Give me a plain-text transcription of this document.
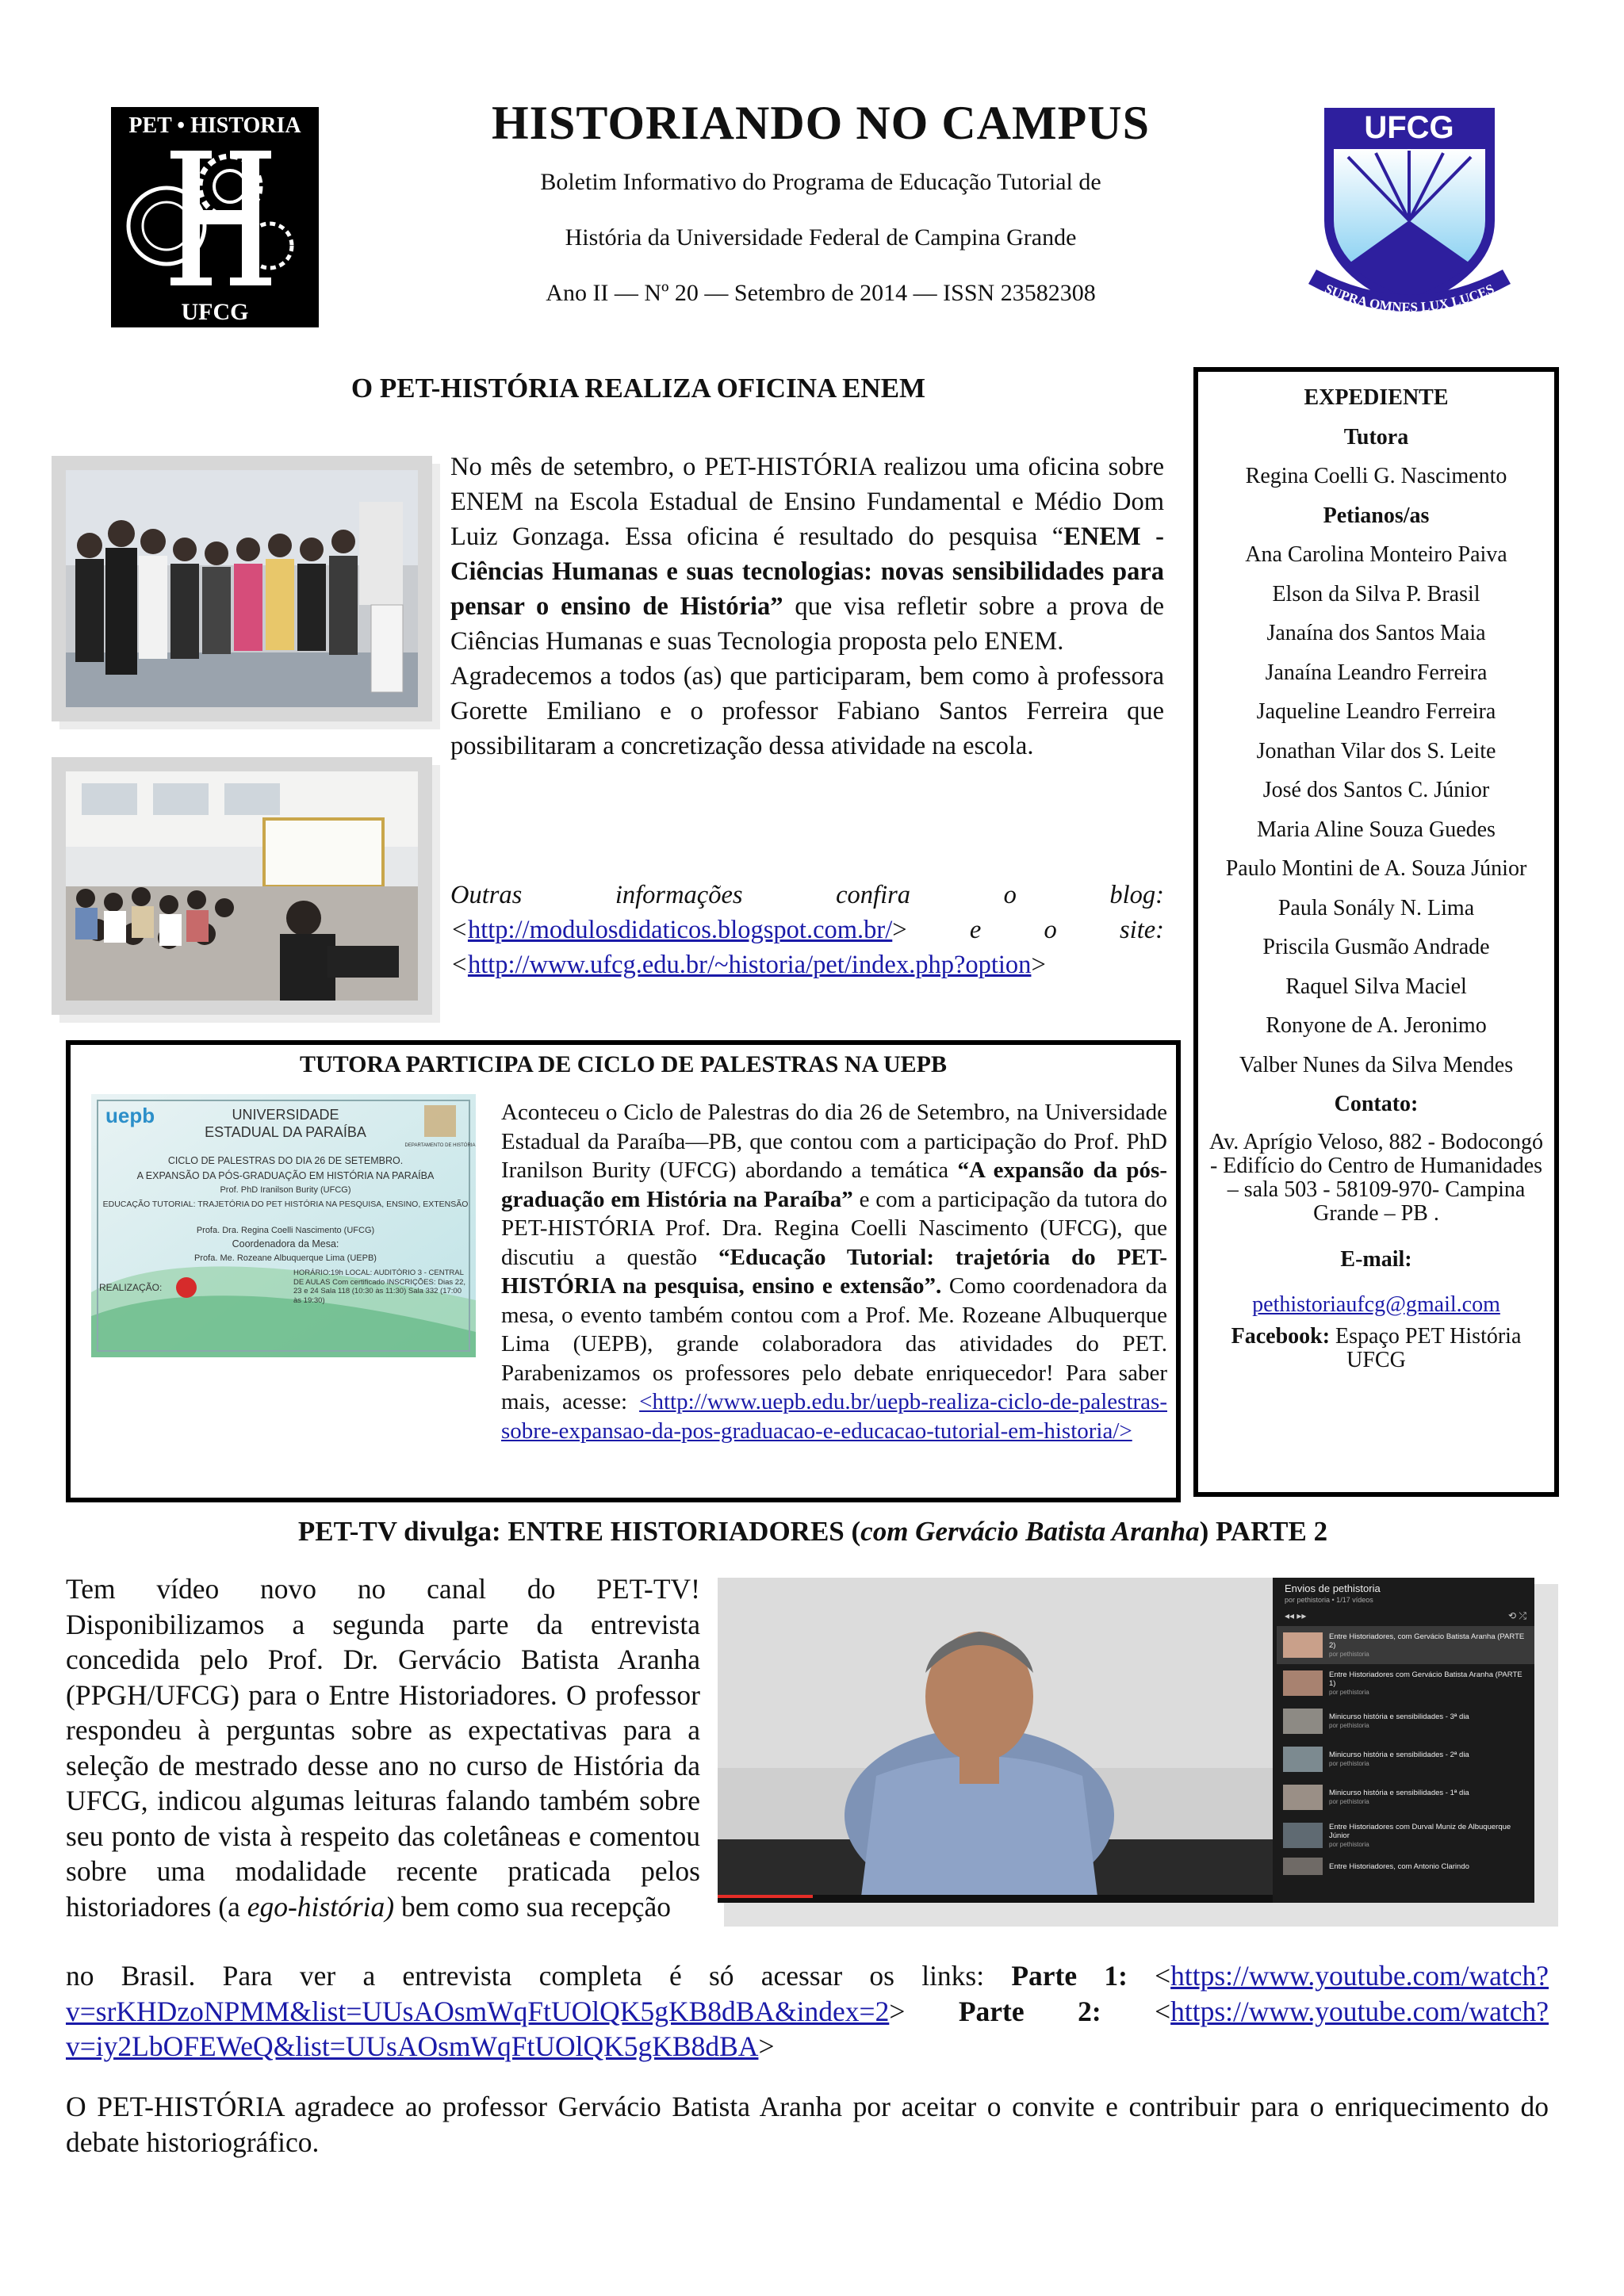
PET • HISTORIA
UFCG
HISTORIANDO NO CAMPUS

Boletim Informativo do Programa de Educação Tutorial de

História da Universidade Federal de Campina Grande

Ano II — Nº 20 — Setembro de 2014 — ISSN 23582308

UFCG
SUPRA OMNES LUX LUCES
EXPEDIENTE
Tutora
Regina Coelli G. Nascimento
Petianos/as
Ana Carolina Monteiro Paiva
Elson da Silva P. Brasil
Janaína dos Santos Maia
Janaína Leandro Ferreira
Jaqueline Leandro Ferreira
Jonathan Vilar dos S. Leite
José dos Santos C. Júnior
Maria Aline Souza Guedes
Paulo Montini de A. Souza Júnior
Paula Sonály N. Lima
Priscila Gusmão Andrade
Raquel Silva Maciel
Ronyone de A. Jeronimo
Valber Nunes da Silva Mendes
Contato:
Av. Aprígio Veloso, 882 - Bodocongó - Edifício do Centro de Humanidades – sala 503 - 58109-970- Campina Grande – PB .
E-mail:
pethistoriaufcg@gmail.com
Facebook: Espaço PET História UFCG
O PET-HISTÓRIA REALIZA OFICINA ENEM

No mês de setembro, o PET-HISTÓRIA realizou uma oficina sobre ENEM na Escola Estadual de Ensino Fundamental e Médio Dom Luiz Gonzaga. Essa oficina é resultado do pesquisa “ENEM - Ciências Humanas e suas tecnologias: novas sensibilidades para pensar o ensino de História” que visa refletir sobre a prova de Ciências Humanas e suas Tecnologia proposta pelo ENEM.

Agradecemos a todos (as) que participaram, bem como à professora Gorette Emiliano e o professor Fabiano Santos Ferreira que possibilitaram a concretização dessa atividade na escola.

Outras informações confira o blog: <http://modulosdidaticos.blogspot.com.br/> e o site: <http://www.ufcg.edu.br/~historia/pet/index.php?option>
TUTORA PARTICIPA DE CICLO DE PALESTRAS NA UEPB
uepb	UNIVERSIDADE
ESTADUAL DA PARAÍBA
DEPARTAMENTO DE HISTÓRIA
CICLO DE PALESTRAS DO DIA 26 DE SETEMBRO.
A EXPANSÃO DA PÓS-GRADUAÇÃO EM HISTÓRIA NA PARAÍBA
Prof. PhD Iranilson Burity (UFCG)
EDUCAÇÃO TUTORIAL: TRAJETÓRIA DO PET HISTÓRIA NA PESQUISA, ENSINO, EXTENSÃO
Profa. Dra. Regina Coelli Nascimento (UFCG)
Coordenadora da Mesa:
Profa. Me. Rozeane Albuquerque Lima (UEPB)
REALIZAÇÃO:
HORÁRIO:19h LOCAL: AUDITÓRIO 3 - CENTRAL DE AULAS Com certificado INSCRIÇÕES: Dias 22, 23 e 24 Sala 118 (10:30 às 11:30) Sala 332 (17:00 às 19:30)
Aconteceu o Ciclo de Palestras do dia 26 de Setembro, na Universidade Estadual da Paraíba—PB, que contou com a participação do Prof. PhD Iranilson Burity (UFCG) abordando a temática “A expansão da pós-graduação em História na Paraíba” e com a participação da tutora do PET-HISTÓRIA Prof. Dra. Regina Coelli Nascimento (UFCG), que discutiu a questão “Educação Tutorial: trajetória do PET-HISTÓRIA na pesquisa, ensino e extensão”. Como coordenadora da mesa, o evento também contou com a Prof. Me. Rozeane Albuquerque Lima (UEPB), grande colaboradora das atividades do PET. Parabenizamos os professores pelo debate enriquecedor! Para saber mais, acesse: <http://www.uepb.edu.br/uepb-realiza-ciclo-de-palestras-sobre-expansao-da-pos-graduacao-e-educacao-tutorial-em-historia/>
PET-TV divulga: ENTRE HISTORIADORES (com Gervácio Batista Aranha) PARTE 2
Envios de pethistoria
por pethistoria • 1/17 vídeos
◂◂ ▸▸	⟲ ⤮
Entre Historiadores, com Gervácio Batista Aranha (PARTE 2)
por pethistoria
Entre Historiadores com Gervácio Batista Aranha (PARTE 1)
por pethistoria
Minicurso história e sensibilidades - 3ª dia
por pethistoria
Minicurso história e sensibilidades - 2ª dia
por pethistoria
Minicurso história e sensibilidades - 1ª dia
por pethistoria
Entre Historiadores com Durval Muniz de Albuquerque Júnior
por pethistoria
Entre Historiadores, com Antonio Clarindo
Tem vídeo novo no canal do PET-TV! Disponibilizamos a segunda parte da entrevista concedida pelo Prof. Dr. Gervácio Batista Aranha (PPGH/UFCG) para o Entre Historiadores. O professor respondeu à perguntas sobre as expectativas para a seleção de mestrado desse ano no curso de História da UFCG, indicou algumas leituras falando também sobre seu ponto de vista à respeito das coletâneas e comentou sobre uma modalidade recente praticada pelos historiadores (a ego-história) bem como sua recepção
no Brasil. Para ver a entrevista completa é só acessar os links: Parte 1: <https://www.youtube.com/watch?v=srKHDzoNPMM&list=UUsAOsmWqFtUOlQK5gKB8dBA&index=2> Parte 2: <https://www.youtube.com/watch?v=iy2LbOFEWeQ&list=UUsAOsmWqFtUOlQK5gKB8dBA>
O PET-HISTÓRIA agradece ao professor Gervácio Batista Aranha por aceitar o convite e contribuir para o enriquecimento do debate historiográfico.
